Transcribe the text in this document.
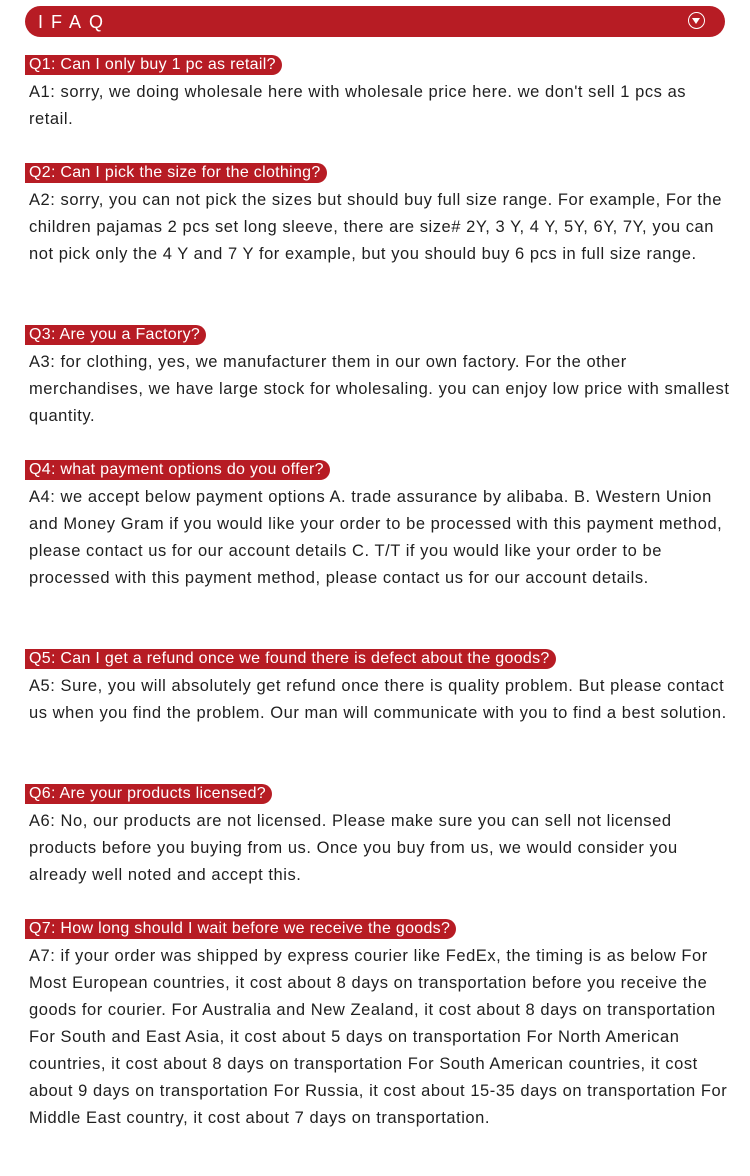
IFAQ
Q1: Can I only buy 1 pc as retail?
A1: sorry, we doing wholesale here with wholesale price here. we don't sell 1 pcs as retail.
Q2: Can I pick the size for the clothing?
A2: sorry, you can not pick the sizes but should buy full size range. For example, For the children pajamas 2 pcs set long sleeve, there are size# 2Y, 3 Y, 4 Y, 5Y, 6Y, 7Y, you can not pick only the 4 Y and 7 Y for example, but you should buy 6 pcs in full size range.
Q3: Are you a Factory?
A3: for clothing, yes, we manufacturer them in our own factory. For the other merchandises, we have large stock for wholesaling. you can enjoy low price with smallest quantity.
Q4: what payment options do you offer?
A4: we accept below payment options A. trade assurance by alibaba. B. Western Union and Money Gram if you would like your order to be processed with this payment method, please contact us for our account details C. T/T if you would like your order to be processed with this payment method, please contact us for our account details.
Q5: Can I get a refund once we found there is defect about the goods?
A5: Sure, you will absolutely get refund once there is quality problem. But please contact us when you find the problem. Our man will communicate with you to find a best solution.
Q6: Are your products licensed?
A6: No, our products are not licensed. Please make sure you can sell not licensed products before you buying from us. Once you buy from us, we would consider you already well noted and accept this.
Q7: How long should I wait before we receive the goods?
A7: if your order was shipped by express courier like FedEx, the timing is as below For Most European countries, it cost about 8 days on transportation before you receive the goods for courier. For Australia and New Zealand, it cost about 8 days on transportation For South and East Asia, it cost about 5 days on transportation For North American countries, it cost about 8 days on transportation For South American countries, it cost about 9 days on transportation For Russia, it cost about 15-35 days on transportation For Middle East country, it cost about 7 days on transportation.
